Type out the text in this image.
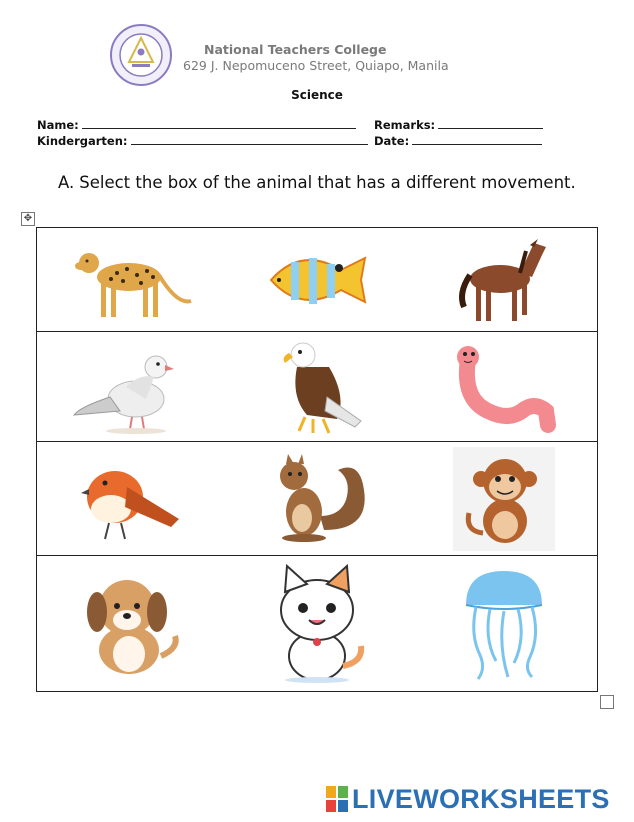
National Teachers College
629 J. Nepomuceno Street, Quiapo, Manila
Science
Name:
Kindergarten:
Remarks:
Date:
A. Select the box of the animal that has a different movement.
✥
LIVEWORKSHEETS
